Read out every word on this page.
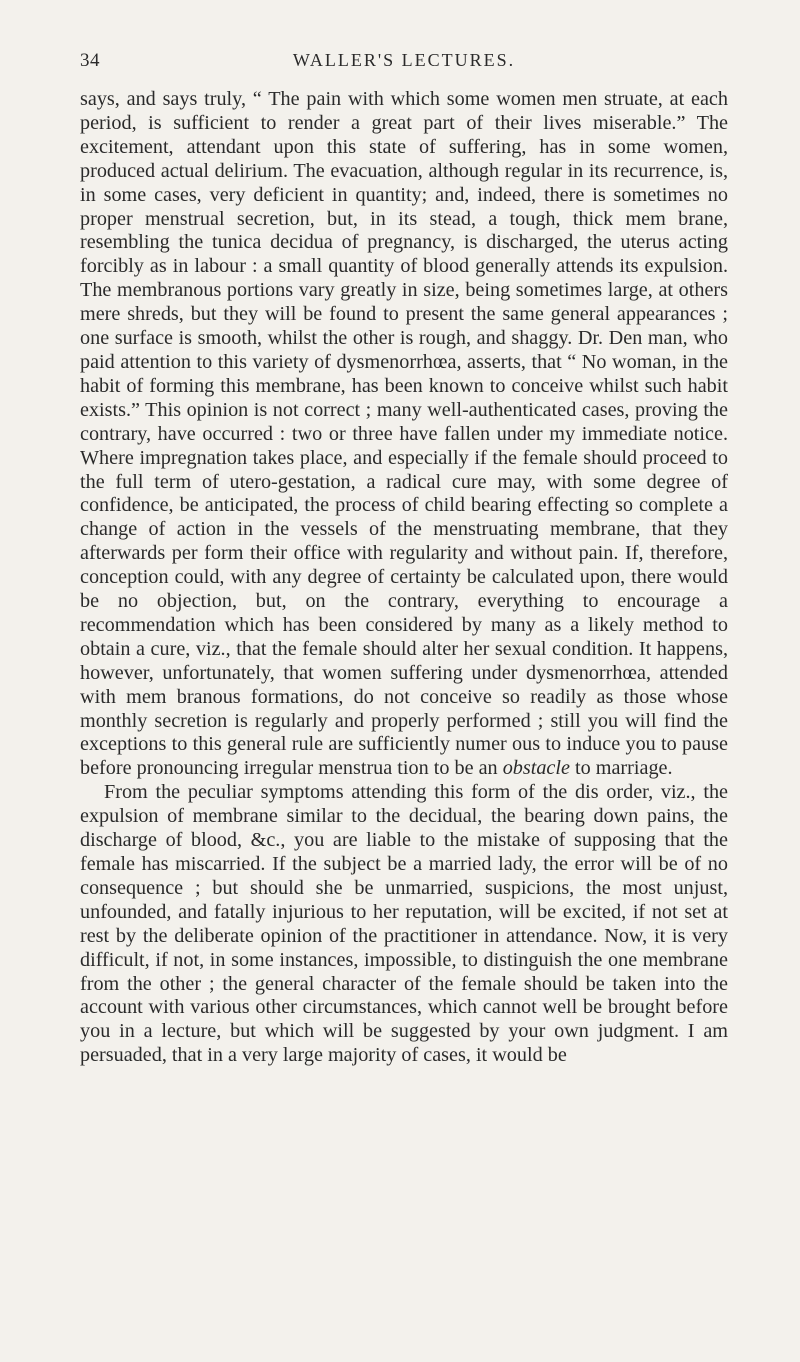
34	WALLER'S LECTURES.

says, and says truly, “ The pain with which some women men struate, at each period, is sufficient to render a great part of their lives miserable.” The excitement, attendant upon this state of suffering, has in some women, produced actual delirium. The evacuation, although regular in its recurrence, is, in some cases, very deficient in quantity; and, indeed, there is sometimes no proper menstrual secretion, but, in its stead, a tough, thick mem brane, resembling the tunica decidua of pregnancy, is discharged, the uterus acting forcibly as in labour : a small quantity of blood generally attends its expulsion. The membranous portions vary greatly in size, being sometimes large, at others mere shreds, but they will be found to present the same general appearances ; one surface is smooth, whilst the other is rough, and shaggy. Dr. Den man, who paid attention to this variety of dysmenorrhœa, asserts, that “ No woman, in the habit of forming this membrane, has been known to conceive whilst such habit exists.” This opinion is not correct ; many well-authenticated cases, proving the contrary, have occurred : two or three have fallen under my immediate notice. Where impregnation takes place, and especially if the female should proceed to the full term of utero-gestation, a radical cure may, with some degree of confidence, be anticipated, the process of child bearing effecting so complete a change of action in the vessels of the menstruating membrane, that they afterwards per form their office with regularity and without pain. If, therefore, conception could, with any degree of certainty be calculated upon, there would be no objection, but, on the contrary, everything to encourage a recommendation which has been considered by many as a likely method to obtain a cure, viz., that the female should alter her sexual condition. It happens, however, unfortunately, that women suffering under dysmenorrhœa, attended with mem branous formations, do not conceive so readily as those whose monthly secretion is regularly and properly performed ; still you will find the exceptions to this general rule are sufficiently numer ous to induce you to pause before pronouncing irregular menstrua tion to be an obstacle to marriage.

From the peculiar symptoms attending this form of the dis order, viz., the expulsion of membrane similar to the decidual, the bearing down pains, the discharge of blood, &c., you are liable to the mistake of supposing that the female has miscarried. If the subject be a married lady, the error will be of no consequence ; but should she be unmarried, suspicions, the most unjust, unfounded, and fatally injurious to her reputation, will be excited, if not set at rest by the deliberate opinion of the practitioner in attendance. Now, it is very difficult, if not, in some instances, impossible, to distinguish the one membrane from the other ; the general character of the female should be taken into the account with various other circumstances, which cannot well be brought before you in a lecture, but which will be suggested by your own judgment. I am persuaded, that in a very large majority of cases, it would be
